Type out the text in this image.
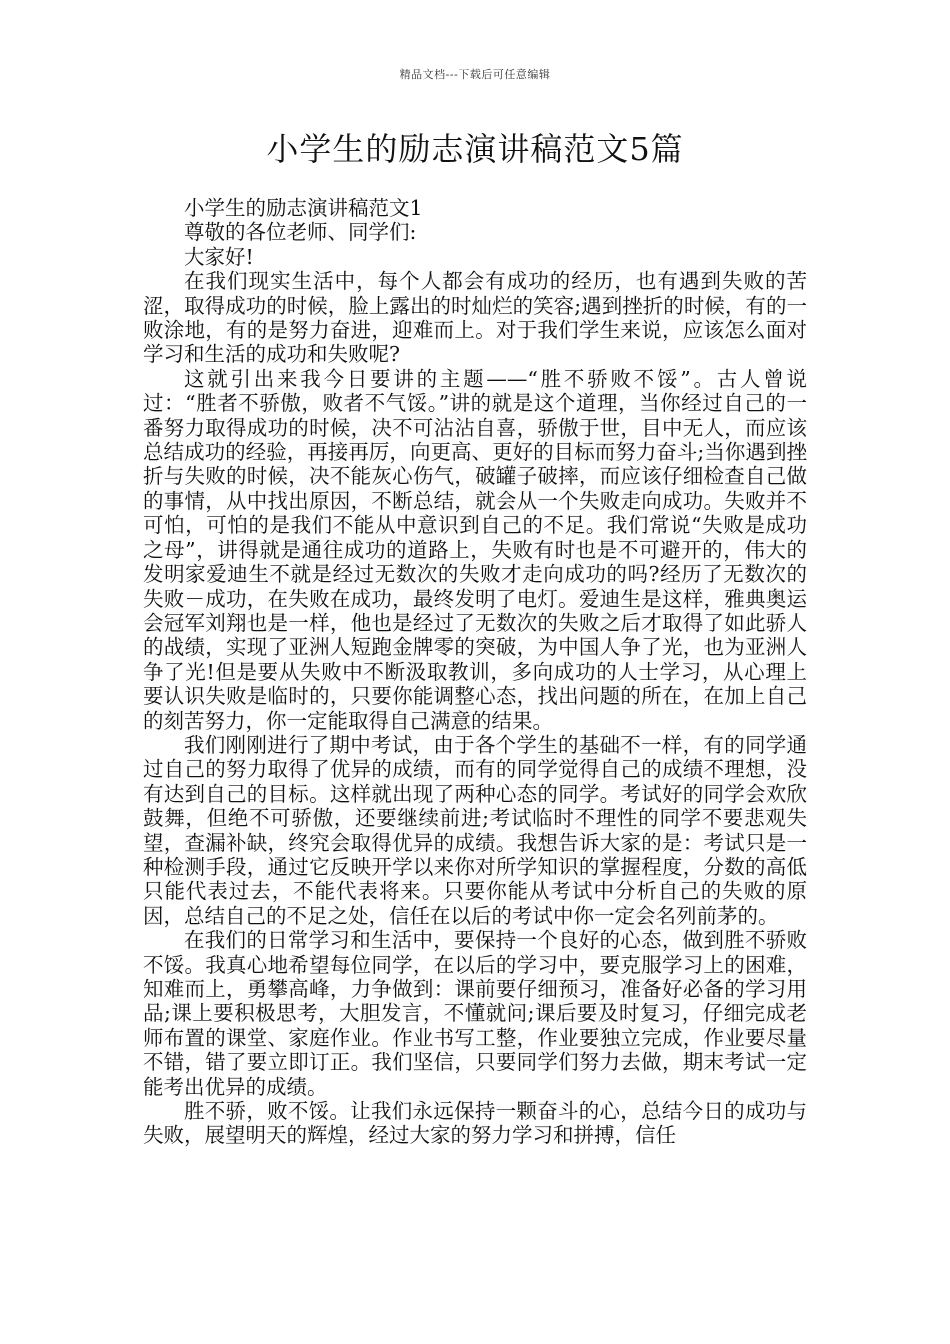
精品文档---下载后可任意编辑
小学生的励志演讲稿范文5篇

小学生的励志演讲稿范文1

尊敬的各位老师、同学们:

大家好!

在我们现实生活中，每个人都会有成功的经历，也有遇到失败的苦涩，取得成功的时候，脸上露出的时灿烂的笑容;遇到挫折的时候，有的一败涂地，有的是努力奋进，迎难而上。对于我们学生来说，应该怎么面对学习和生活的成功和失败呢?

这就引出来我今日要讲的主题——“胜不骄败不馁”。古人曾说过：“胜者不骄傲，败者不气馁。”讲的就是这个道理，当你经过自己的一番努力取得成功的时候，决不可沾沾自喜，骄傲于世，目中无人，而应该总结成功的经验，再接再厉，向更高、更好的目标而努力奋斗;当你遇到挫折与失败的时候，决不能灰心伤气，破罐子破摔，而应该仔细检查自己做的事情，从中找出原因，不断总结，就会从一个失败走向成功。失败并不可怕，可怕的是我们不能从中意识到自己的不足。我们常说“失败是成功之母”，讲得就是通往成功的道路上，失败有时也是不可避开的，伟大的发明家爱迪生不就是经过无数次的失败才走向成功的吗?经历了无数次的失败－成功，在失败在成功，最终发明了电灯。爱迪生是这样，雅典奥运会冠军刘翔也是一样，他也是经过了无数次的失败之后才取得了如此骄人的战绩，实现了亚洲人短跑金牌零的突破，为中国人争了光，也为亚洲人争了光!但是要从失败中不断汲取教训，多向成功的人士学习，从心理上要认识失败是临时的，只要你能调整心态，找出问题的所在，在加上自己的刻苦努力，你一定能取得自己满意的结果。

我们刚刚进行了期中考试，由于各个学生的基础不一样，有的同学通过自己的努力取得了优异的成绩，而有的同学觉得自己的成绩不理想，没有达到自己的目标。这样就出现了两种心态的同学。考试好的同学会欢欣鼓舞，但绝不可骄傲，还要继续前进;考试临时不理性的同学不要悲观失望，查漏补缺，终究会取得优异的成绩。我想告诉大家的是：考试只是一种检测手段，通过它反映开学以来你对所学知识的掌握程度，分数的高低只能代表过去，不能代表将来。只要你能从考试中分析自己的失败的原因，总结自己的不足之处，信任在以后的考试中你一定会名列前茅的。

在我们的日常学习和生活中，要保持一个良好的心态，做到胜不骄败不馁。我真心地希望每位同学，在以后的学习中，要克服学习上的困难，知难而上，勇攀高峰，力争做到：课前要仔细预习，准备好必备的学习用品;课上要积极思考，大胆发言，不懂就问;课后要及时复习，仔细完成老师布置的课堂、家庭作业。作业书写工整，作业要独立完成，作业要尽量不错，错了要立即订正。我们坚信，只要同学们努力去做，期末考试一定能考出优异的成绩。

胜不骄，败不馁。让我们永远保持一颗奋斗的心，总结今日的成功与失败，展望明天的辉煌，经过大家的努力学习和拼搏，信任
